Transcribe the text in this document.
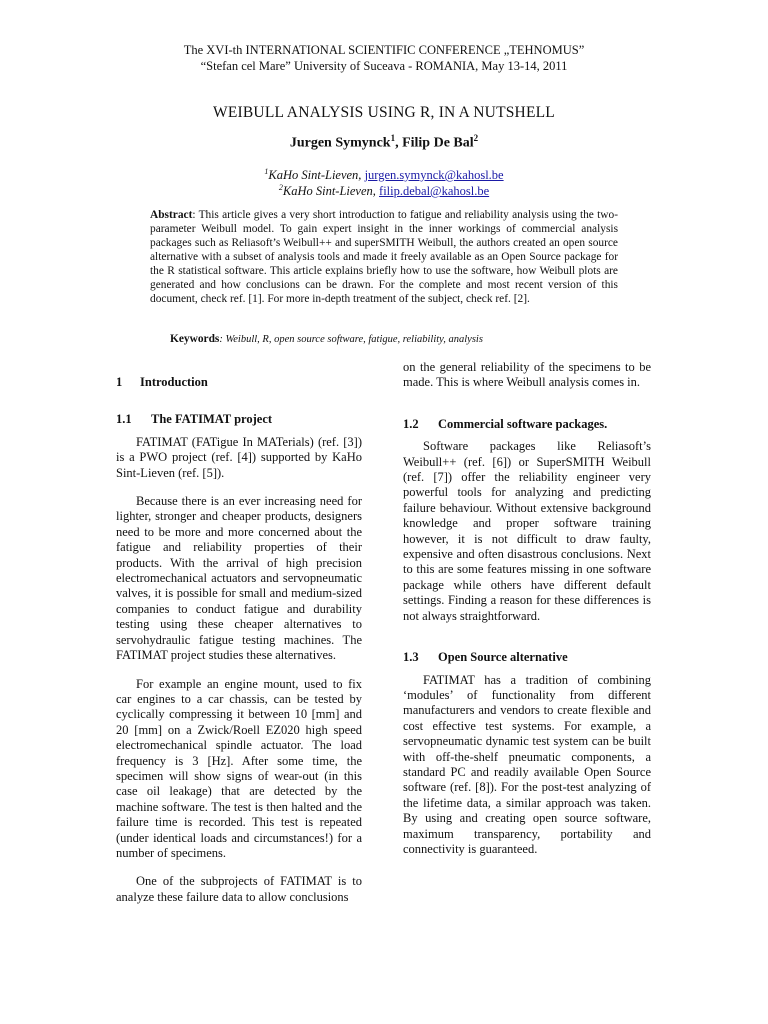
The XVI-th INTERNATIONAL SCIENTIFIC CONFERENCE „TEHNOMUS”
“Stefan cel Mare” University of Suceava - ROMANIA, May 13-14, 2011
WEIBULL ANALYSIS USING R, IN A NUTSHELL
Jurgen Symynck$^1$, Filip De Bal$^2$
$^1$KaHo Sint-Lieven, jurgen.symynck@kahosl.be
$^2$KaHo Sint-Lieven, filip.debal@kahosl.be
Abstract: This article gives a very short introduction to fatigue and reliability analysis using the two-parameter Weibull model. To gain expert insight in the inner workings of commercial analysis packages such as Reliasoft’s Weibull++ and superSMITH Weibull, the authors created an open source alternative with a subset of analysis tools and made it freely available as an Open Source package for the R statistical software. This article explains briefly how to use the software, how Weibull plots are generated and how conclusions can be drawn. For the complete and most recent version of this document, check ref. [1]. For more in-depth treatment of the subject, check ref. [2].
Keywords: Weibull, R, open source software, fatigue, reliability, analysis
1 Introduction
1.1 The FATIMAT project

FATIMAT (FATigue In MATerials) (ref. [3]) is a PWO project (ref. [4]) supported by KaHo Sint-Lieven (ref. [5]).

Because there is an ever increasing need for lighter, stronger and cheaper products, designers need to be more and more concerned about the fatigue and reliability properties of their products. With the arrival of high precision electromechanical actuators and servopneumatic valves, it is possible for small and medium-sized companies to conduct fatigue and durability testing using these cheaper alternatives to servohydraulic fatigue testing machines. The FATIMAT project studies these alternatives.

For example an engine mount, used to fix car engines to a car chassis, can be tested by cyclically compressing it between 10 [mm] and 20 [mm] on a Zwick/Roell EZ020 high speed electromechanical spindle actuator. The load frequency is 3 [Hz]. After some time, the specimen will show signs of wear-out (in this case oil leakage) that are detected by the machine software. The test is then halted and the failure time is recorded. This test is repeated (under identical loads and circumstances!) for a number of specimens.

One of the subprojects of FATIMAT is to analyze these failure data to allow conclusions

on the general reliability of the specimens to be made. This is where Weibull analysis comes in.

1.2 Commercial software packages.

Software packages like Reliasoft’s Weibull++ (ref. [6]) or SuperSMITH Weibull (ref. [7]) offer the reliability engineer very powerful tools for analyzing and predicting failure behaviour. Without extensive background knowledge and proper software training however, it is not difficult to draw faulty, expensive and often disastrous conclusions. Next to this are some features missing in one software package while others have different default settings. Finding a reason for these differences is not always straightforward.

1.3 Open Source alternative

FATIMAT has a tradition of combining ‘modules’ of functionality from different manufacturers and vendors to create flexible and cost effective test systems. For example, a servopneumatic dynamic test system can be built with off-the-shelf pneumatic components, a standard PC and readily available Open Source software (ref. [8]). For the post-test analyzing of the lifetime data, a similar approach was taken. By using and creating open source software, maximum transparency, portability and connectivity is guaranteed.
